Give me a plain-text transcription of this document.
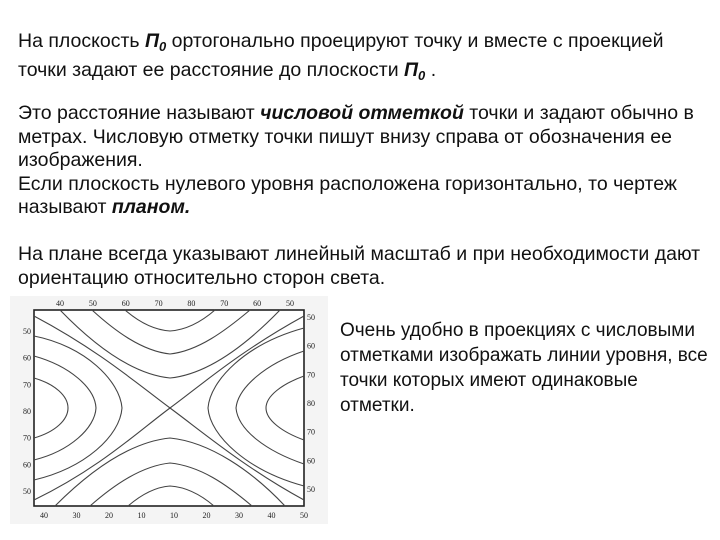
На плоскость $П_0$ ортогонально проецируют точку и вместе с проекцией точки задают ее расстояние до плоскости $П_0$ .

Это расстояние называют числовой отметкой точки и задают обычно в метрах. Числовую отметку точки пишут внизу справа от обозначения ее изображения.
Если плоскость нулевого уровня расположена горизонтально, то чертеж называют планом.

На плане всегда указывают линейный масштаб и при необходимости дают ориентацию относительно сторон света.

40	50	60	70	80	70	60	50
40	30	20	10	10	20	30	40	50
50
60
70
80
70
60
50
50
60
70
80
70
60
50

Очень удобно в проекциях с числовыми отметками изображать линии уровня, все точки которых имеют одинаковые отметки.
